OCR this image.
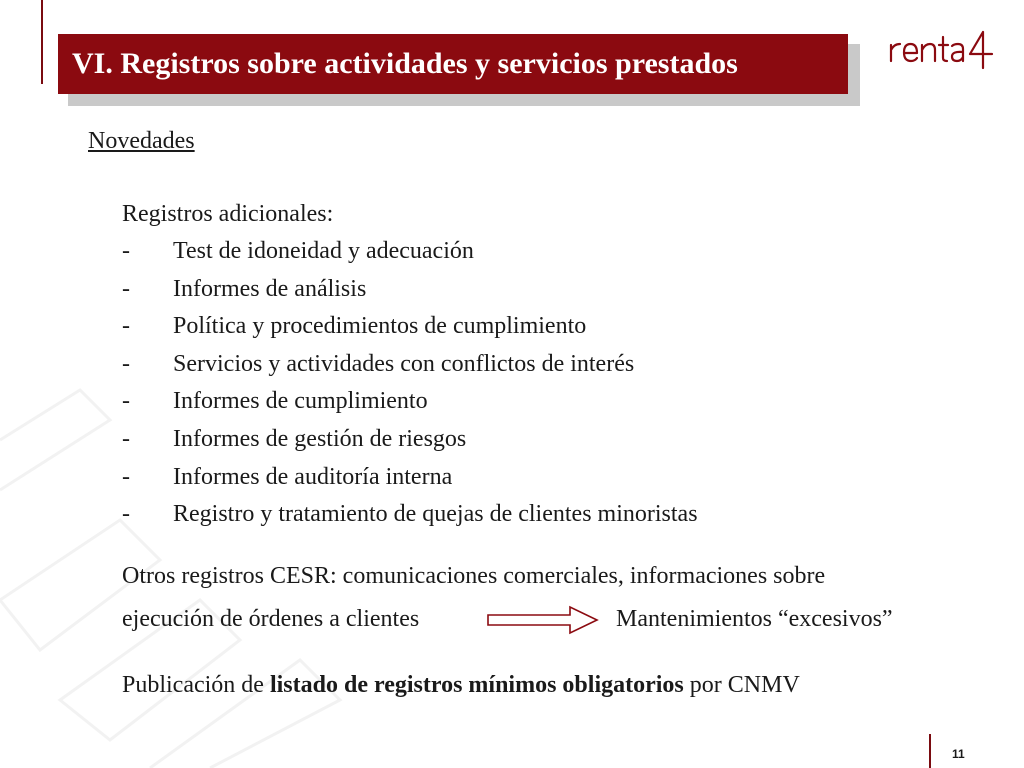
VI. Registros sobre actividades y servicios prestados
Novedades
Registros adicionales:
-	Test de idoneidad y adecuación
-	Informes de análisis
-	Política y procedimientos de cumplimiento
-	Servicios y actividades con conflictos de interés
-	Informes de cumplimiento
-	Informes de gestión de riesgos
-	Informes de auditoría interna
-	Registro y tratamiento de quejas de clientes minoristas
Otros registros CESR: comunicaciones comerciales, informaciones sobre
ejecución de órdenes a clientes	Mantenimientos “excesivos”
Publicación de listado de registros mínimos obligatorios por CNMV
11
